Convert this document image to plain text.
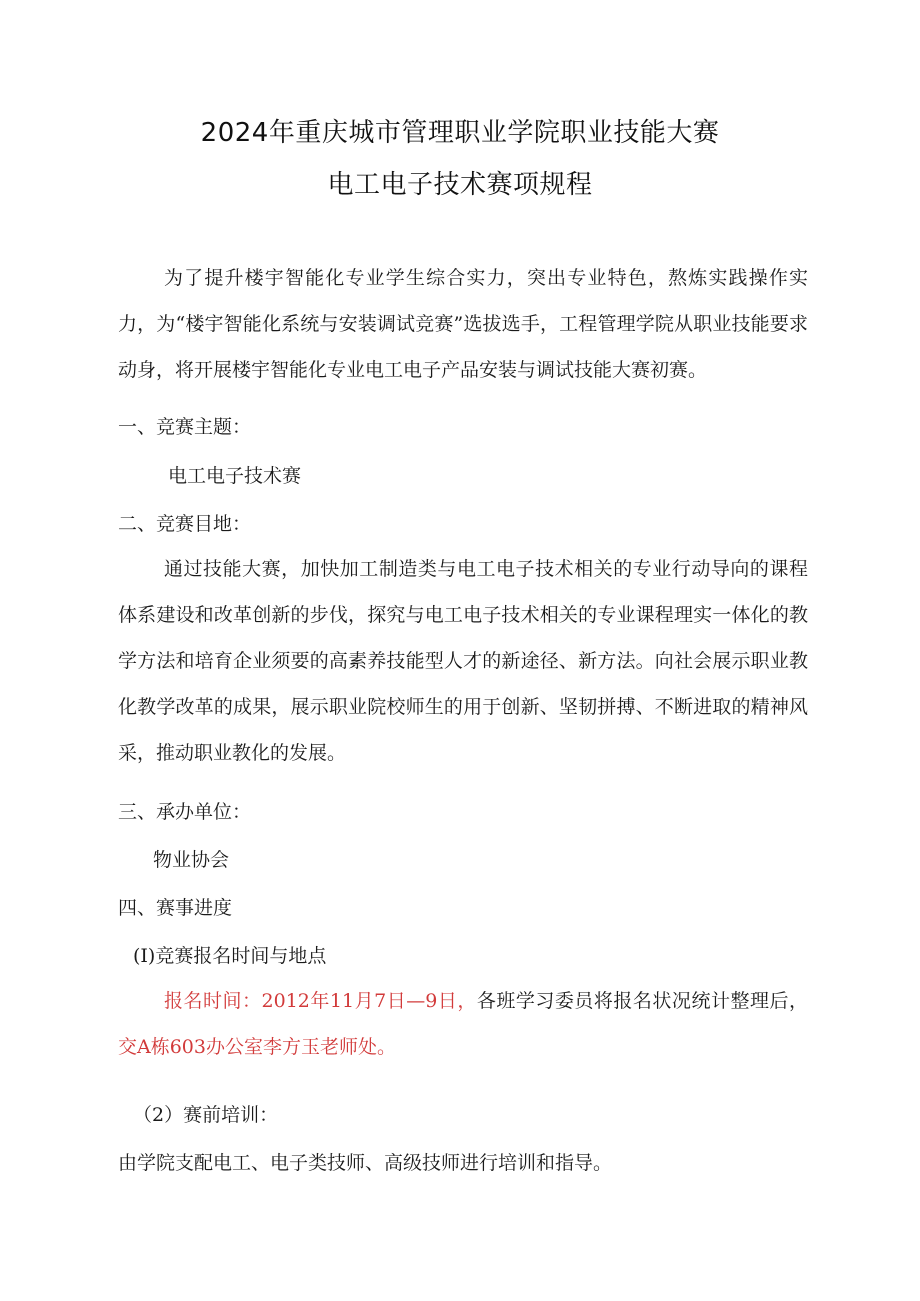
2024年重庆城市管理职业学院职业技能大赛
电工电子技术赛项规程

为了提升楼宇智能化专业学生综合实力，突出专业特色，熬炼实践操作实力，为“楼宇智能化系统与安装调试竞赛”选拔选手，工程管理学院从职业技能要求动身，将开展楼宇智能化专业电工电子产品安装与调试技能大赛初赛。

一、竞赛主题：

电工电子技术赛

二、竞赛目地：

通过技能大赛，加快加工制造类与电工电子技术相关的专业行动导向的课程体系建设和改革创新的步伐，探究与电工电子技术相关的专业课程理实一体化的教学方法和培育企业须要的高素养技能型人才的新途径、新方法。向社会展示职业教化教学改革的成果，展示职业院校师生的用于创新、坚韧拼搏、不断进取的精神风采，推动职业教化的发展。

三、承办单位：

物业协会

四、赛事进度

(I)竞赛报名时间与地点

报名时间：2012年11月7日—9日，各班学习委员将报名状况统计整理后，交A栋603办公室李方玉老师处。

（2）赛前培训：

由学院支配电工、电子类技师、高级技师进行培训和指导。
